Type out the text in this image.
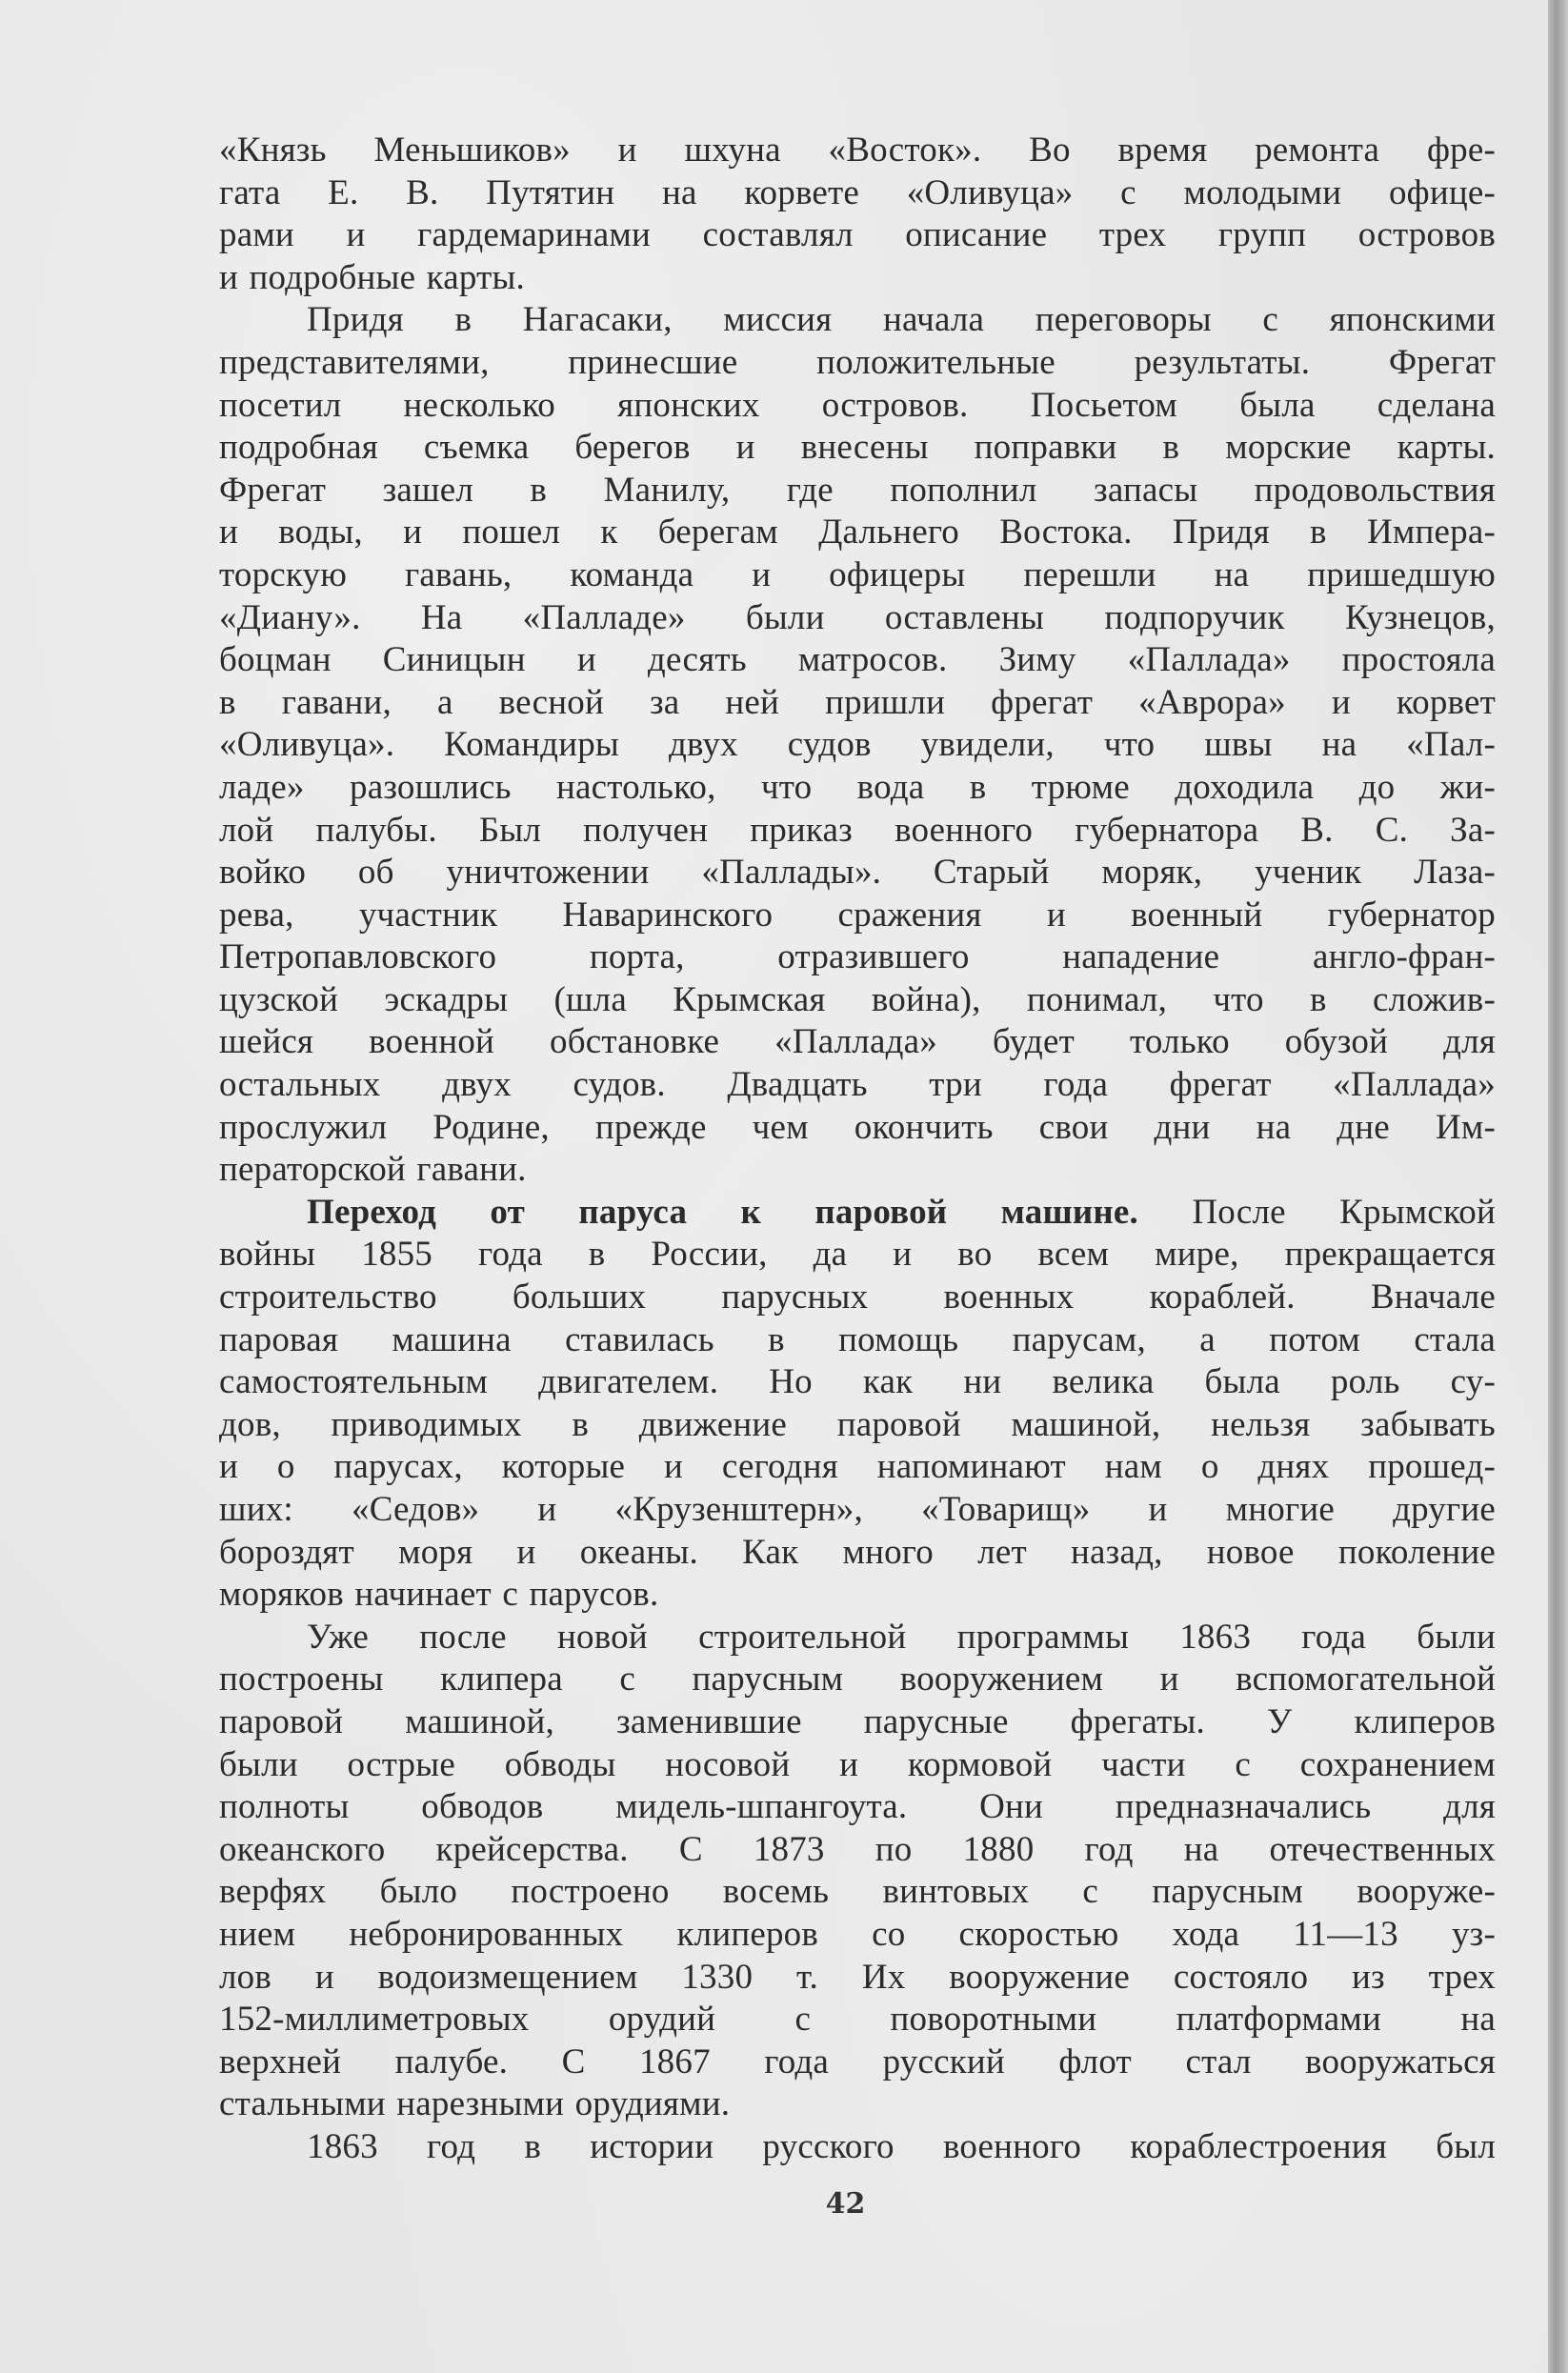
«Князь Меньшиков» и шхуна «Восток». Во время ремонта фре-
гата Е. В. Путятин на корвете «Оливуца» с молодыми офице-
рами и гардемаринами составлял описание трех групп островов
и подробные карты.
Придя в Нагасаки, миссия начала переговоры с японскими
представителями, принесшие положительные результаты. Фрегат
посетил несколько японских островов. Посьетом была сделана
подробная съемка берегов и внесены поправки в морские карты.
Фрегат зашел в Манилу, где пополнил запасы продовольствия
и воды, и пошел к берегам Дальнего Востока. Придя в Импера-
торскую гавань, команда и офицеры перешли на пришедшую
«Диану». На «Палладе» были оставлены подпоручик Кузнецов,
боцман Синицын и десять матросов. Зиму «Паллада» простояла
в гавани, а весной за ней пришли фрегат «Аврора» и корвет
«Оливуца». Командиры двух судов увидели, что швы на «Пал-
ладе» разошлись настолько, что вода в трюме доходила до жи-
лой палубы. Был получен приказ военного губернатора В. С. За-
войко об уничтожении «Паллады». Старый моряк, ученик Лаза-
рева, участник Наваринского сражения и военный губернатор
Петропавловского порта, отразившего нападение англо-фран-
цузской эскадры (шла Крымская война), понимал, что в сложив-
шейся военной обстановке «Паллада» будет только обузой для
остальных двух судов. Двадцать три года фрегат «Паллада»
прослужил Родине, прежде чем окончить свои дни на дне Им-
ператорской гавани.
Переход от паруса к паровой машине. После Крымской
войны 1855 года в России, да и во всем мире, прекращается
строительство больших парусных военных кораблей. Вначале
паровая машина ставилась в помощь парусам, а потом стала
самостоятельным двигателем. Но как ни велика была роль су-
дов, приводимых в движение паровой машиной, нельзя забывать
и о парусах, которые и сегодня напоминают нам о днях прошед-
ших: «Седов» и «Крузенштерн», «Товарищ» и многие другие
бороздят моря и океаны. Как много лет назад, новое поколение
моряков начинает с парусов.
Уже после новой строительной программы 1863 года были
построены клипера с парусным вооружением и вспомогательной
паровой машиной, заменившие парусные фрегаты. У клиперов
были острые обводы носовой и кормовой части с сохранением
полноты обводов мидель-шпангоута. Они предназначались для
океанского крейсерства. С 1873 по 1880 год на отечественных
верфях было построено восемь винтовых с парусным вооруже-
нием небронированных клиперов со скоростью хода 11—13 уз-
лов и водоизмещением 1330 т. Их вооружение состояло из трех
152-миллиметровых орудий с поворотными платформами на
верхней палубе. С 1867 года русский флот стал вооружаться
стальными нарезными орудиями.
1863 год в истории русского военного кораблестроения был
42
